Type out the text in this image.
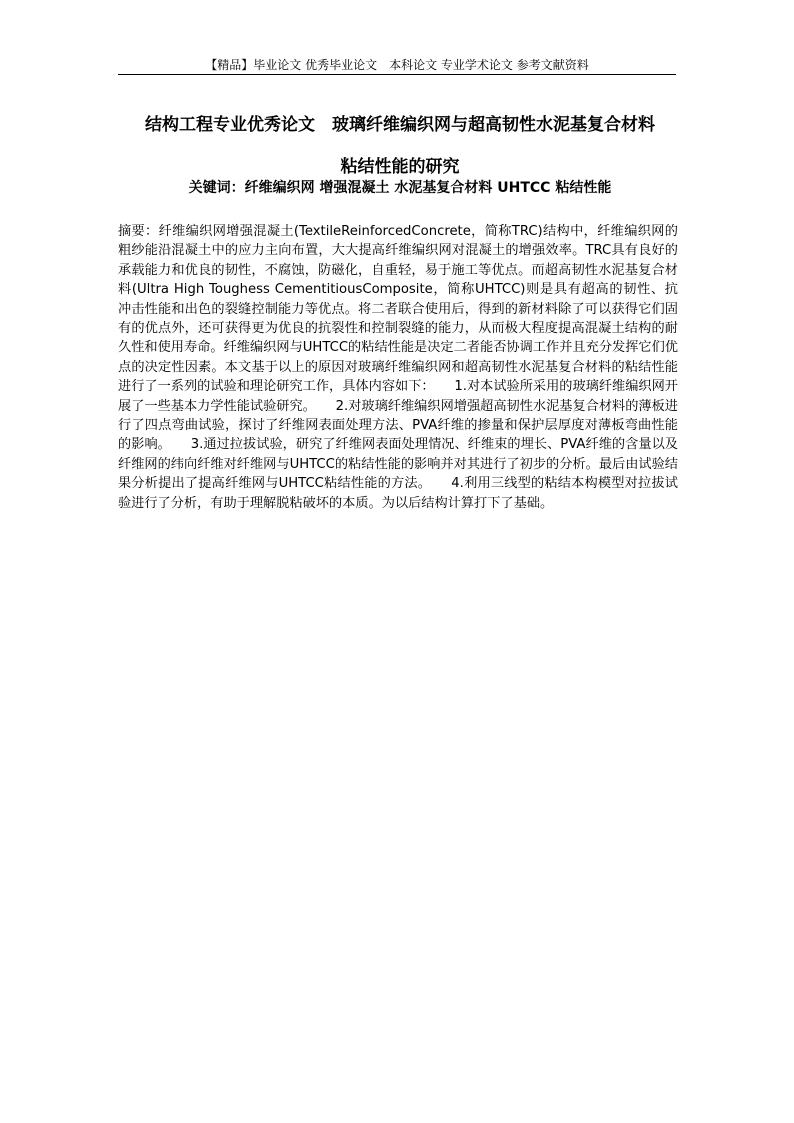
【精品】毕业论文 优秀毕业论文　本科论文 专业学术论文 参考文献资料
结构工程专业优秀论文　玻璃纤维编织网与超高韧性水泥基复合材料
粘结性能的研究
关键词：纤维编织网 增强混凝土 水泥基复合材料 UHTCC 粘结性能
摘要：纤维编织网增强混凝土(TextileReinforcedConcrete，简称TRC)结构中，纤维编织网的粗纱能沿混凝土中的应力主向布置，大大提高纤维编织网对混凝土的增强效率。TRC具有良好的承载能力和优良的韧性，不腐蚀，防磁化，自重轻，易于施工等优点。而超高韧性水泥基复合材料(Ultra High Toughess CementitiousComposite，简称UHTCC)则是具有超高的韧性、抗冲击性能和出色的裂缝控制能力等优点。将二者联合使用后，得到的新材料除了可以获得它们固有的优点外，还可获得更为优良的抗裂性和控制裂缝的能力，从而极大程度提高混凝土结构的耐久性和使用寿命。纤维编织网与UHTCC的粘结性能是决定二者能否协调工作并且充分发挥它们优点的决定性因素。本文基于以上的原因对玻璃纤维编织网和超高韧性水泥基复合材料的粘结性能进行了一系列的试验和理论研究工作，具体内容如下：　　1.对本试验所采用的玻璃纤维编织网开展了一些基本力学性能试验研究。　　2.对玻璃纤维编织网增强超高韧性水泥基复合材料的薄板进行了四点弯曲试验，探讨了纤维网表面处理方法、PVA纤维的掺量和保护层厚度对薄板弯曲性能的影响。　　3.通过拉拔试验，研究了纤维网表面处理情况、纤维束的埋长、PVA纤维的含量以及纤维网的纬向纤维对纤维网与UHTCC的粘结性能的影响并对其进行了初步的分析。最后由试验结果分析提出了提高纤维网与UHTCC粘结性能的方法。　　4.利用三线型的粘结本构模型对拉拔试验进行了分析，有助于理解脱粘破坏的本质。为以后结构计算打下了基础。
